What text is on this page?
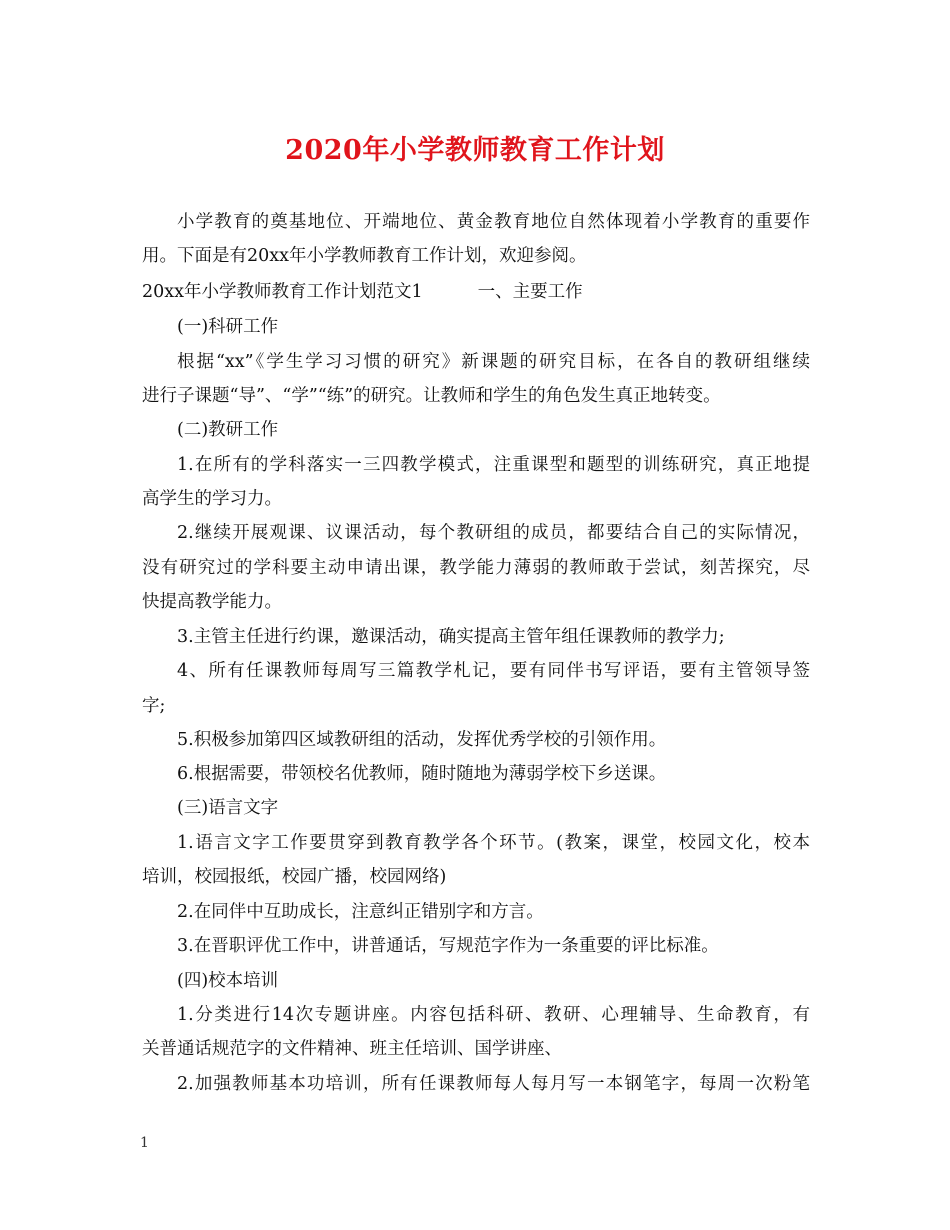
2020年小学教师教育工作计划

小学教育的奠基地位、开端地位、黄金教育地位自然体现着小学教育的重要作

用。下面是有20xx年小学教师教育工作计划，欢迎参阅。

20xx年小学教师教育工作计划范文1	一、主要工作

(一)科研工作

根据“xx”《学生学习习惯的研究》新课题的研究目标，在各自的教研组继续

进行子课题“导”、“学”“练”的研究。让教师和学生的角色发生真正地转变。

(二)教研工作

1.在所有的学科落实一三四教学模式，注重课型和题型的训练研究，真正地提

高学生的学习力。

2.继续开展观课、议课活动，每个教研组的成员，都要结合自己的实际情况，

没有研究过的学科要主动申请出课，教学能力薄弱的教师敢于尝试，刻苦探究，尽

快提高教学能力。

3.主管主任进行约课，邀课活动，确实提高主管年组任课教师的教学力;

4、所有任课教师每周写三篇教学札记，要有同伴书写评语，要有主管领导签

字;

5.积极参加第四区域教研组的活动，发挥优秀学校的引领作用。

6.根据需要，带领校名优教师，随时随地为薄弱学校下乡送课。

(三)语言文字

1.语言文字工作要贯穿到教育教学各个环节。(教案，课堂，校园文化，校本

培训，校园报纸，校园广播，校园网络)

2.在同伴中互助成长，注意纠正错别字和方言。

3.在晋职评优工作中，讲普通话，写规范字作为一条重要的评比标准。

(四)校本培训

1.分类进行14次专题讲座。内容包括科研、教研、心理辅导、生命教育，有

关普通话规范字的文件精神、班主任培训、国学讲座、

2.加强教师基本功培训，所有任课教师每人每月写一本钢笔字，每周一次粉笔

1
